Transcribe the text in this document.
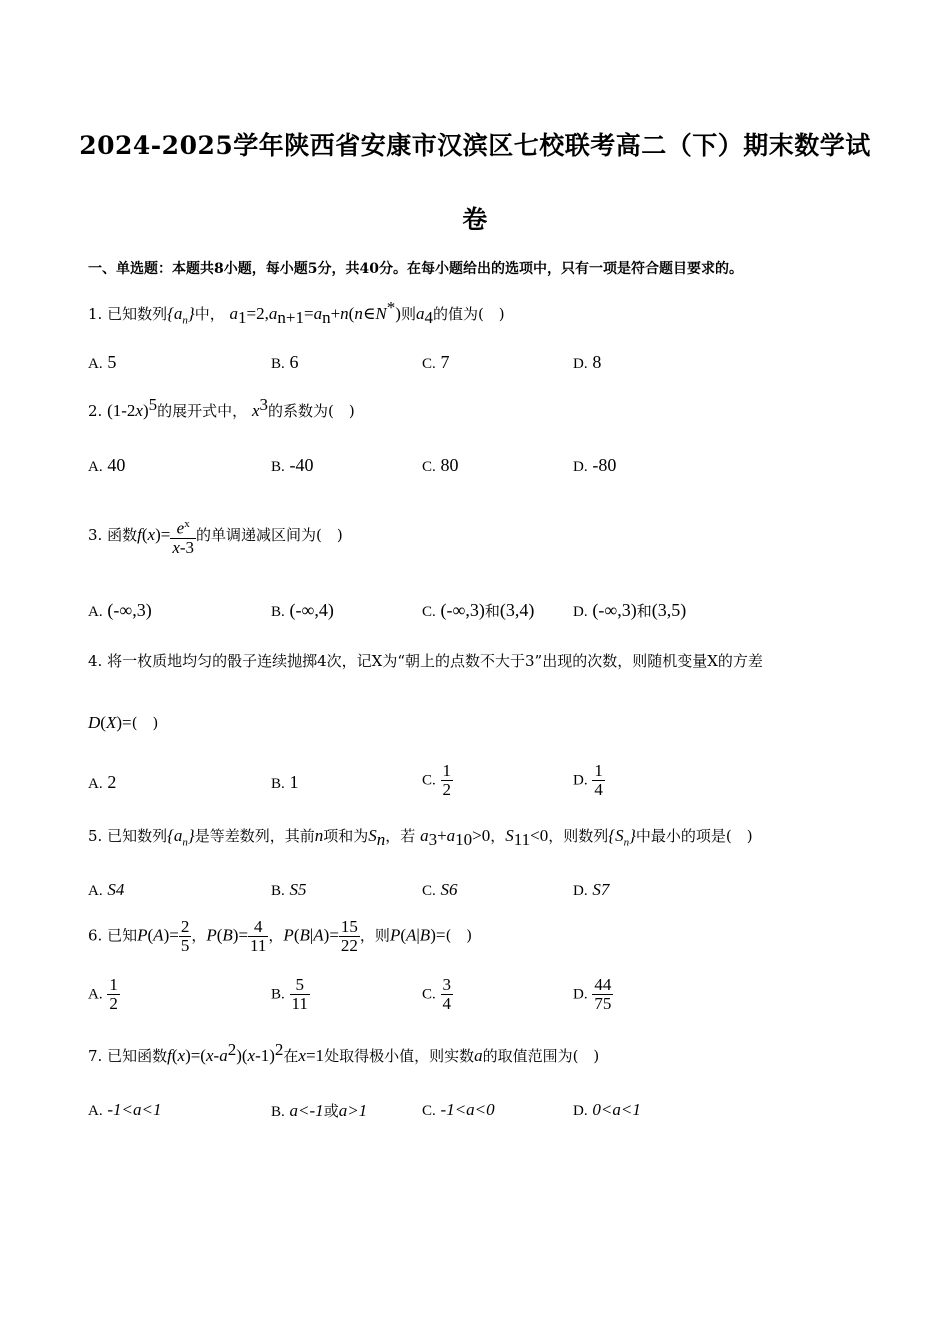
2024-2025学年陕西省安康市汉滨区七校联考高二（下）期末数学试
卷
一、单选题：本题共8小题，每小题5分，共40分。在每小题给出的选项中，只有一项是符合题目要求的。
1. 已知数列$\{a_n\}$中， $a_1=2,a_{n+1}=a_n+n(n\in N^*)$则$a_4$的值为(　)
A. 5	B. 6	C. 7	D. 8
2. $(1-2x)^5$的展开式中， $x^3$的系数为(　)
A. 40	B. -40	C. 80	D. -80
3. 函数$f(x)= \frac{e^x}{x-3}$ 的单调递减区间为(　)
A. (-∞,3)	B. (-∞,4)	C. (-∞,3)和(3,4)	D. (-∞,3)和(3,5)
4. 将一枚质地均匀的骰子连续抛掷4次，记X为“朝上的点数不大于3”出现的次数，则随机变量X的方差
D(X)=(　)
A. 2	B. 1	C. $\frac{1}{2}$	D. $\frac{1}{4}$
5. 已知数列$\{a_n\}$是等差数列，其前n项和为$S_n$，若 $a_3+a_{10}>0$，$S_{11}<0$，则数列$\{S_n\}$中最小的项是(　)
A. S4	B. S5	C. S6	D. S7
6. 已知$P(A)= \frac{2}{5}$ ，$P(B)= \frac{4}{11}$ ，$P(B|A)= \frac{15}{22}$ ，则P(A|B)=(　)
A. $\frac{1}{2}$	B. $\frac{5}{11}$	C. $\frac{3}{4}$	D. $\frac{44}{75}$
7. 已知函数$f(x)=(x-a^2)(x-1)^2$在x=1处取得极小值，则实数a的取值范围为(　)
A. -1<a<1	B. a<-1或a>1	C. -1<a<0	D. 0<a<1
